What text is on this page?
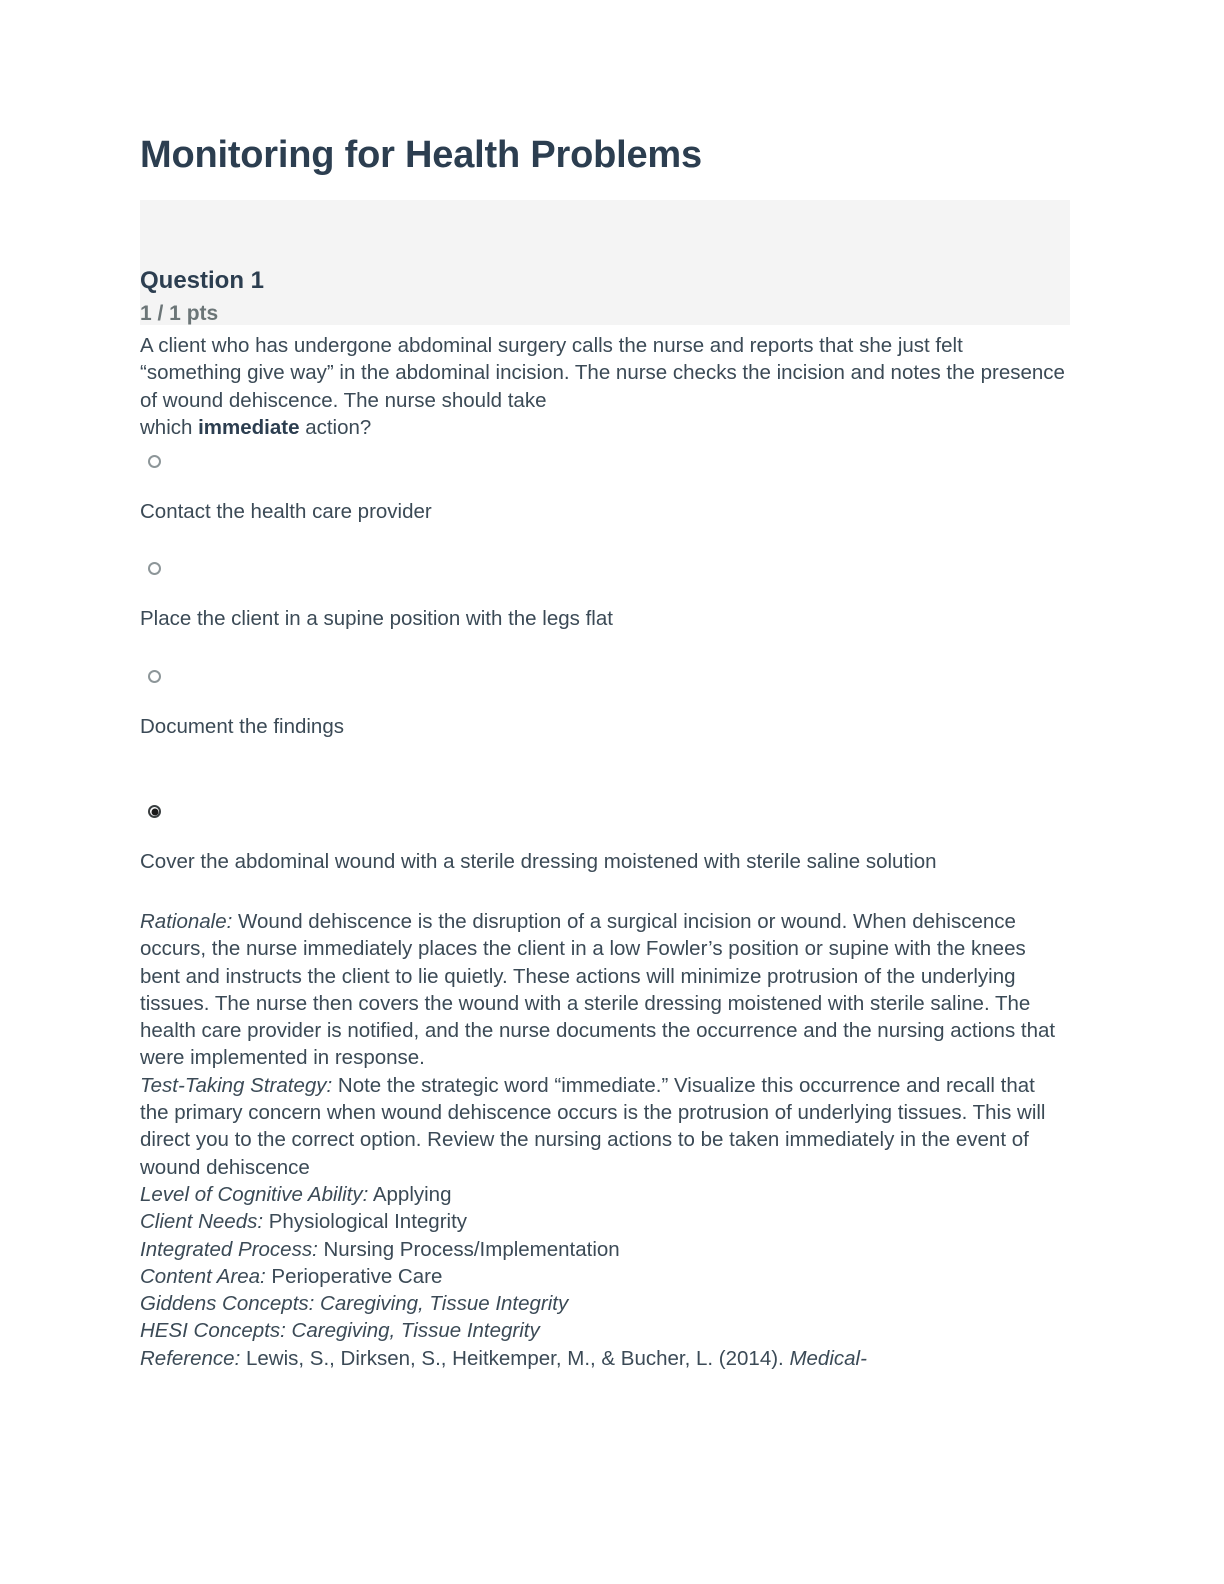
Monitoring for Health Problems
Question 1
1 / 1 pts

A client who has undergone abdominal surgery calls the nurse and reports that she just felt “something give way” in the abdominal incision. The nurse checks the incision and notes the presence of wound dehiscence. The nurse should take
which immediate action?

Contact the health care provider
Place the client in a supine position with the legs flat
Document the findings
Cover the abdominal wound with a sterile dressing moistened with sterile saline solution

Rationale: Wound dehiscence is the disruption of a surgical incision or wound. When dehiscence occurs, the nurse immediately places the client in a low Fowler’s position or supine with the knees bent and instructs the client to lie quietly. These actions will minimize protrusion of the underlying tissues. The nurse then covers the wound with a sterile dressing moistened with sterile saline. The health care provider is notified, and the nurse documents the occurrence and the nursing actions that were implemented in response.

Test-Taking Strategy: Note the strategic word “immediate.” Visualize this occurrence and recall that the primary concern when wound dehiscence occurs is the protrusion of underlying tissues. This will direct you to the correct option. Review the nursing actions to be taken immediately in the event of wound dehiscence

Level of Cognitive Ability: Applying

Client Needs: Physiological Integrity

Integrated Process: Nursing Process/Implementation

Content Area: Perioperative Care

Giddens Concepts: Caregiving, Tissue Integrity

HESI Concepts: Caregiving, Tissue Integrity

Reference: Lewis, S., Dirksen, S., Heitkemper, M., & Bucher, L. (2014). Medical-
